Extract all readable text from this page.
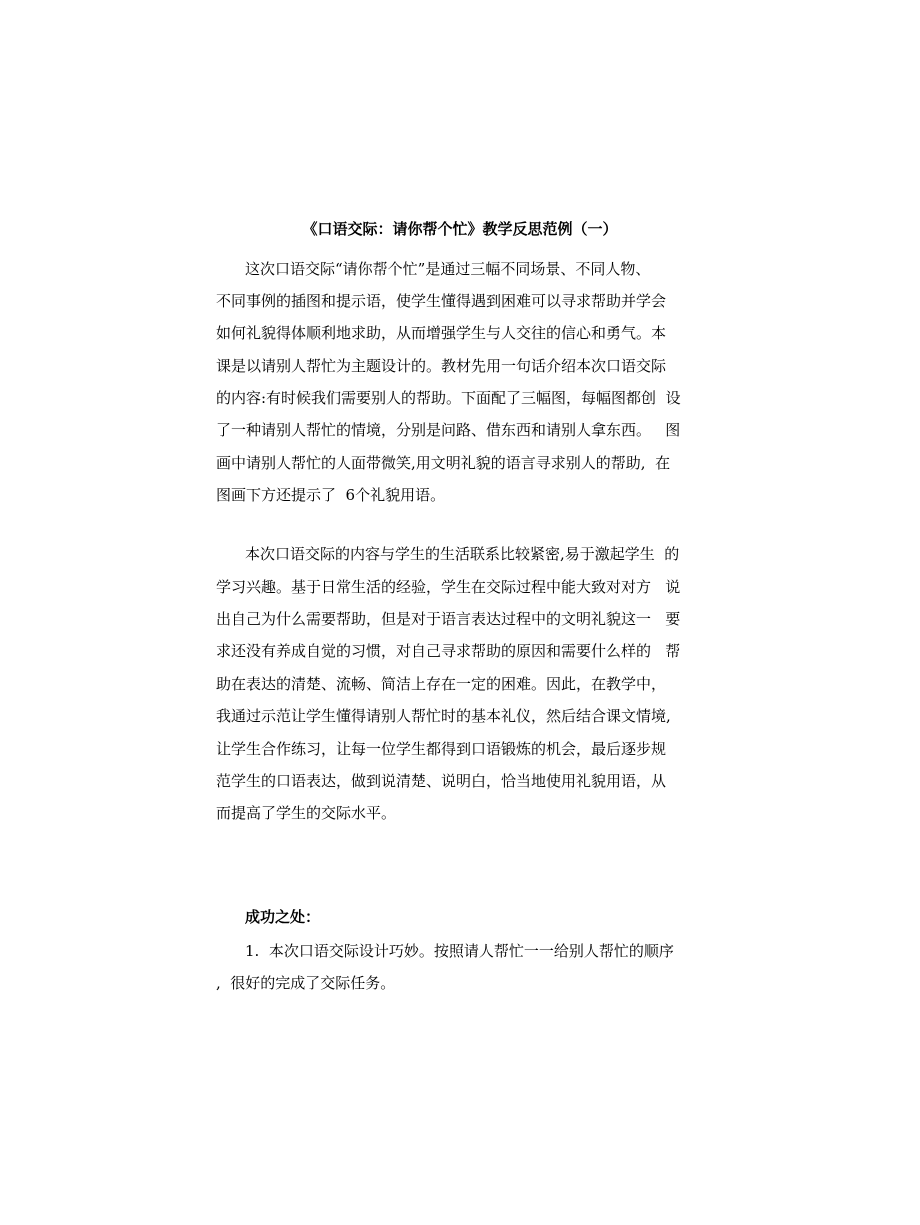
《口语交际：请你帮个忙》教学反思范例（一）
这次口语交际“请你帮个忙”是通过三幅不同场景、不同人物、
不同事例的插图和提示语，使学生懂得遇到困难可以寻求帮助并学会
如何礼貌得体顺利地求助，从而增强学生与人交往的信心和勇气。本
课是以请别人帮忙为主题设计的。教材先用一句话介绍本次口语交际
的内容:有时候我们需要别人的帮助。下面配了三幅图，每幅图都创  设
了一种请别人帮忙的情境，分别是问路、借东西和请别人拿东西。   图
画中请别人帮忙的人面带微笑,用文明礼貌的语言寻求别人的帮助,  在
图画下方还提示了  6个礼貌用语。
本次口语交际的内容与学生的生活联系比较紧密,易于激起学生  的
学习兴趣。基于日常生活的经验，学生在交际过程中能大致对对方   说
出自己为什么需要帮助，但是对于语言表达过程中的文明礼貌这一   要
求还没有养成自觉的习惯，对自己寻求帮助的原因和需要什么样的   帮
助在表达的清楚、流畅、简洁上存在一定的困难。因此，在教学中，
我通过示范让学生懂得请别人帮忙时的基本礼仪，然后结合课文情境,
让学生合作练习，让每一位学生都得到口语锻炼的机会，最后逐步规
范学生的口语表达，做到说清楚、说明白，恰当地使用礼貌用语，从
而提高了学生的交际水平。
成功之处：
1.  本次口语交际设计巧妙。按照请人帮忙一一给别人帮忙的顺序
,  很好的完成了交际任务。
